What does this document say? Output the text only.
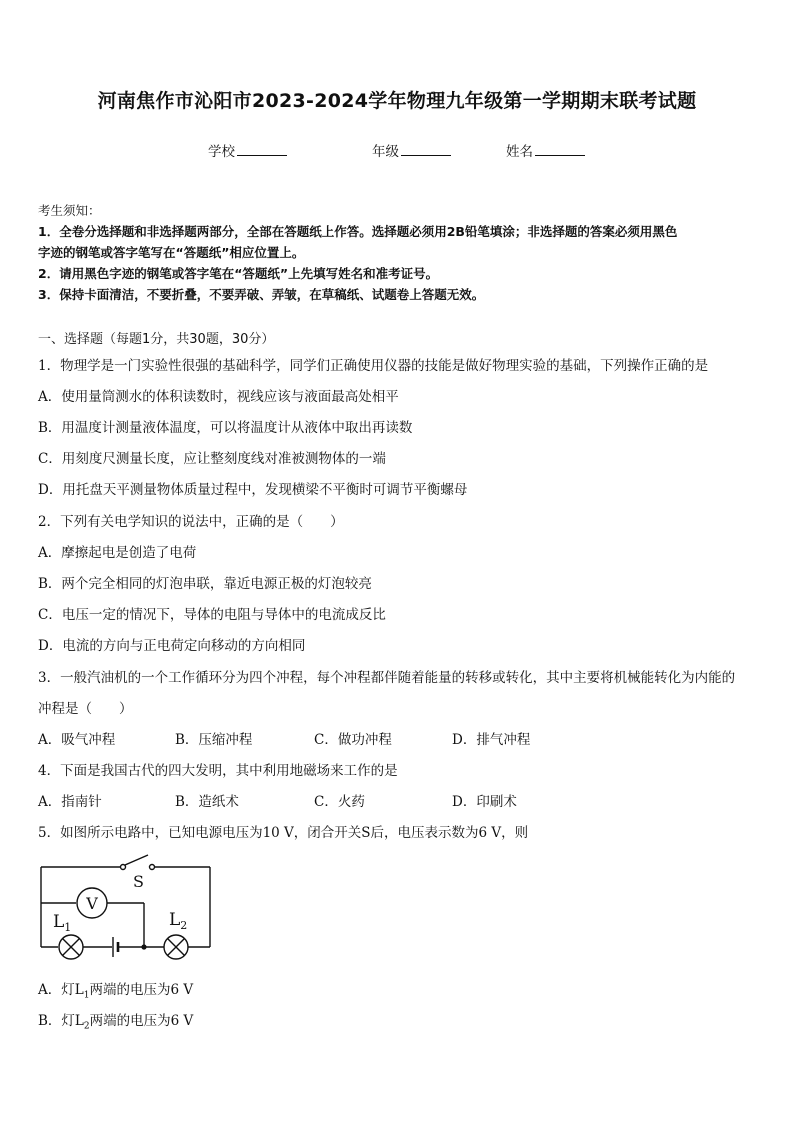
河南焦作市沁阳市2023-2024学年物理九年级第一学期期末联考试题
学校	年级	姓名
考生须知：
1．全卷分选择题和非选择题两部分，全部在答题纸上作答。选择题必须用2B铅笔填涂；非选择题的答案必须用黑色
字迹的钢笔或答字笔写在“答题纸”相应位置上。
2．请用黑色字迹的钢笔或答字笔在“答题纸”上先填写姓名和准考证号。
3．保持卡面清洁，不要折叠，不要弄破、弄皱，在草稿纸、试题卷上答题无效。
一、选择题（每题1分，共30题，30分）
1．物理学是一门实验性很强的基础科学，同学们正确使用仪器的技能是做好物理实验的基础，下列操作正确的是
A．使用量筒测水的体积读数时，视线应该与液面最高处相平
B．用温度计测量液体温度，可以将温度计从液体中取出再读数
C．用刻度尺测量长度，应让整刻度线对准被测物体的一端
D．用托盘天平测量物体质量过程中，发现横梁不平衡时可调节平衡螺母
2．下列有关电学知识的说法中，正确的是（　　）
A．摩擦起电是创造了电荷
B．两个完全相同的灯泡串联，靠近电源正极的灯泡较亮
C．电压一定的情况下，导体的电阻与导体中的电流成反比
D．电流的方向与正电荷定向移动的方向相同
3．一般汽油机的一个工作循环分为四个冲程，每个冲程都伴随着能量的转移或转化，其中主要将机械能转化为内能的
冲程是（　　）
A．吸气冲程	B．压缩冲程	C．做功冲程	D．排气冲程
4．下面是我国古代的四大发明，其中利用地磁场来工作的是
A．指南针	B．造纸术	C．火药	D．印刷术
5．如图所示电路中，已知电源电压为10 V，闭合开关S后，电压表示数为6 V，则
S
V
$L_1$	$L_2$
A．灯$L_1$两端的电压为6 V
B．灯$L_2$两端的电压为6 V
